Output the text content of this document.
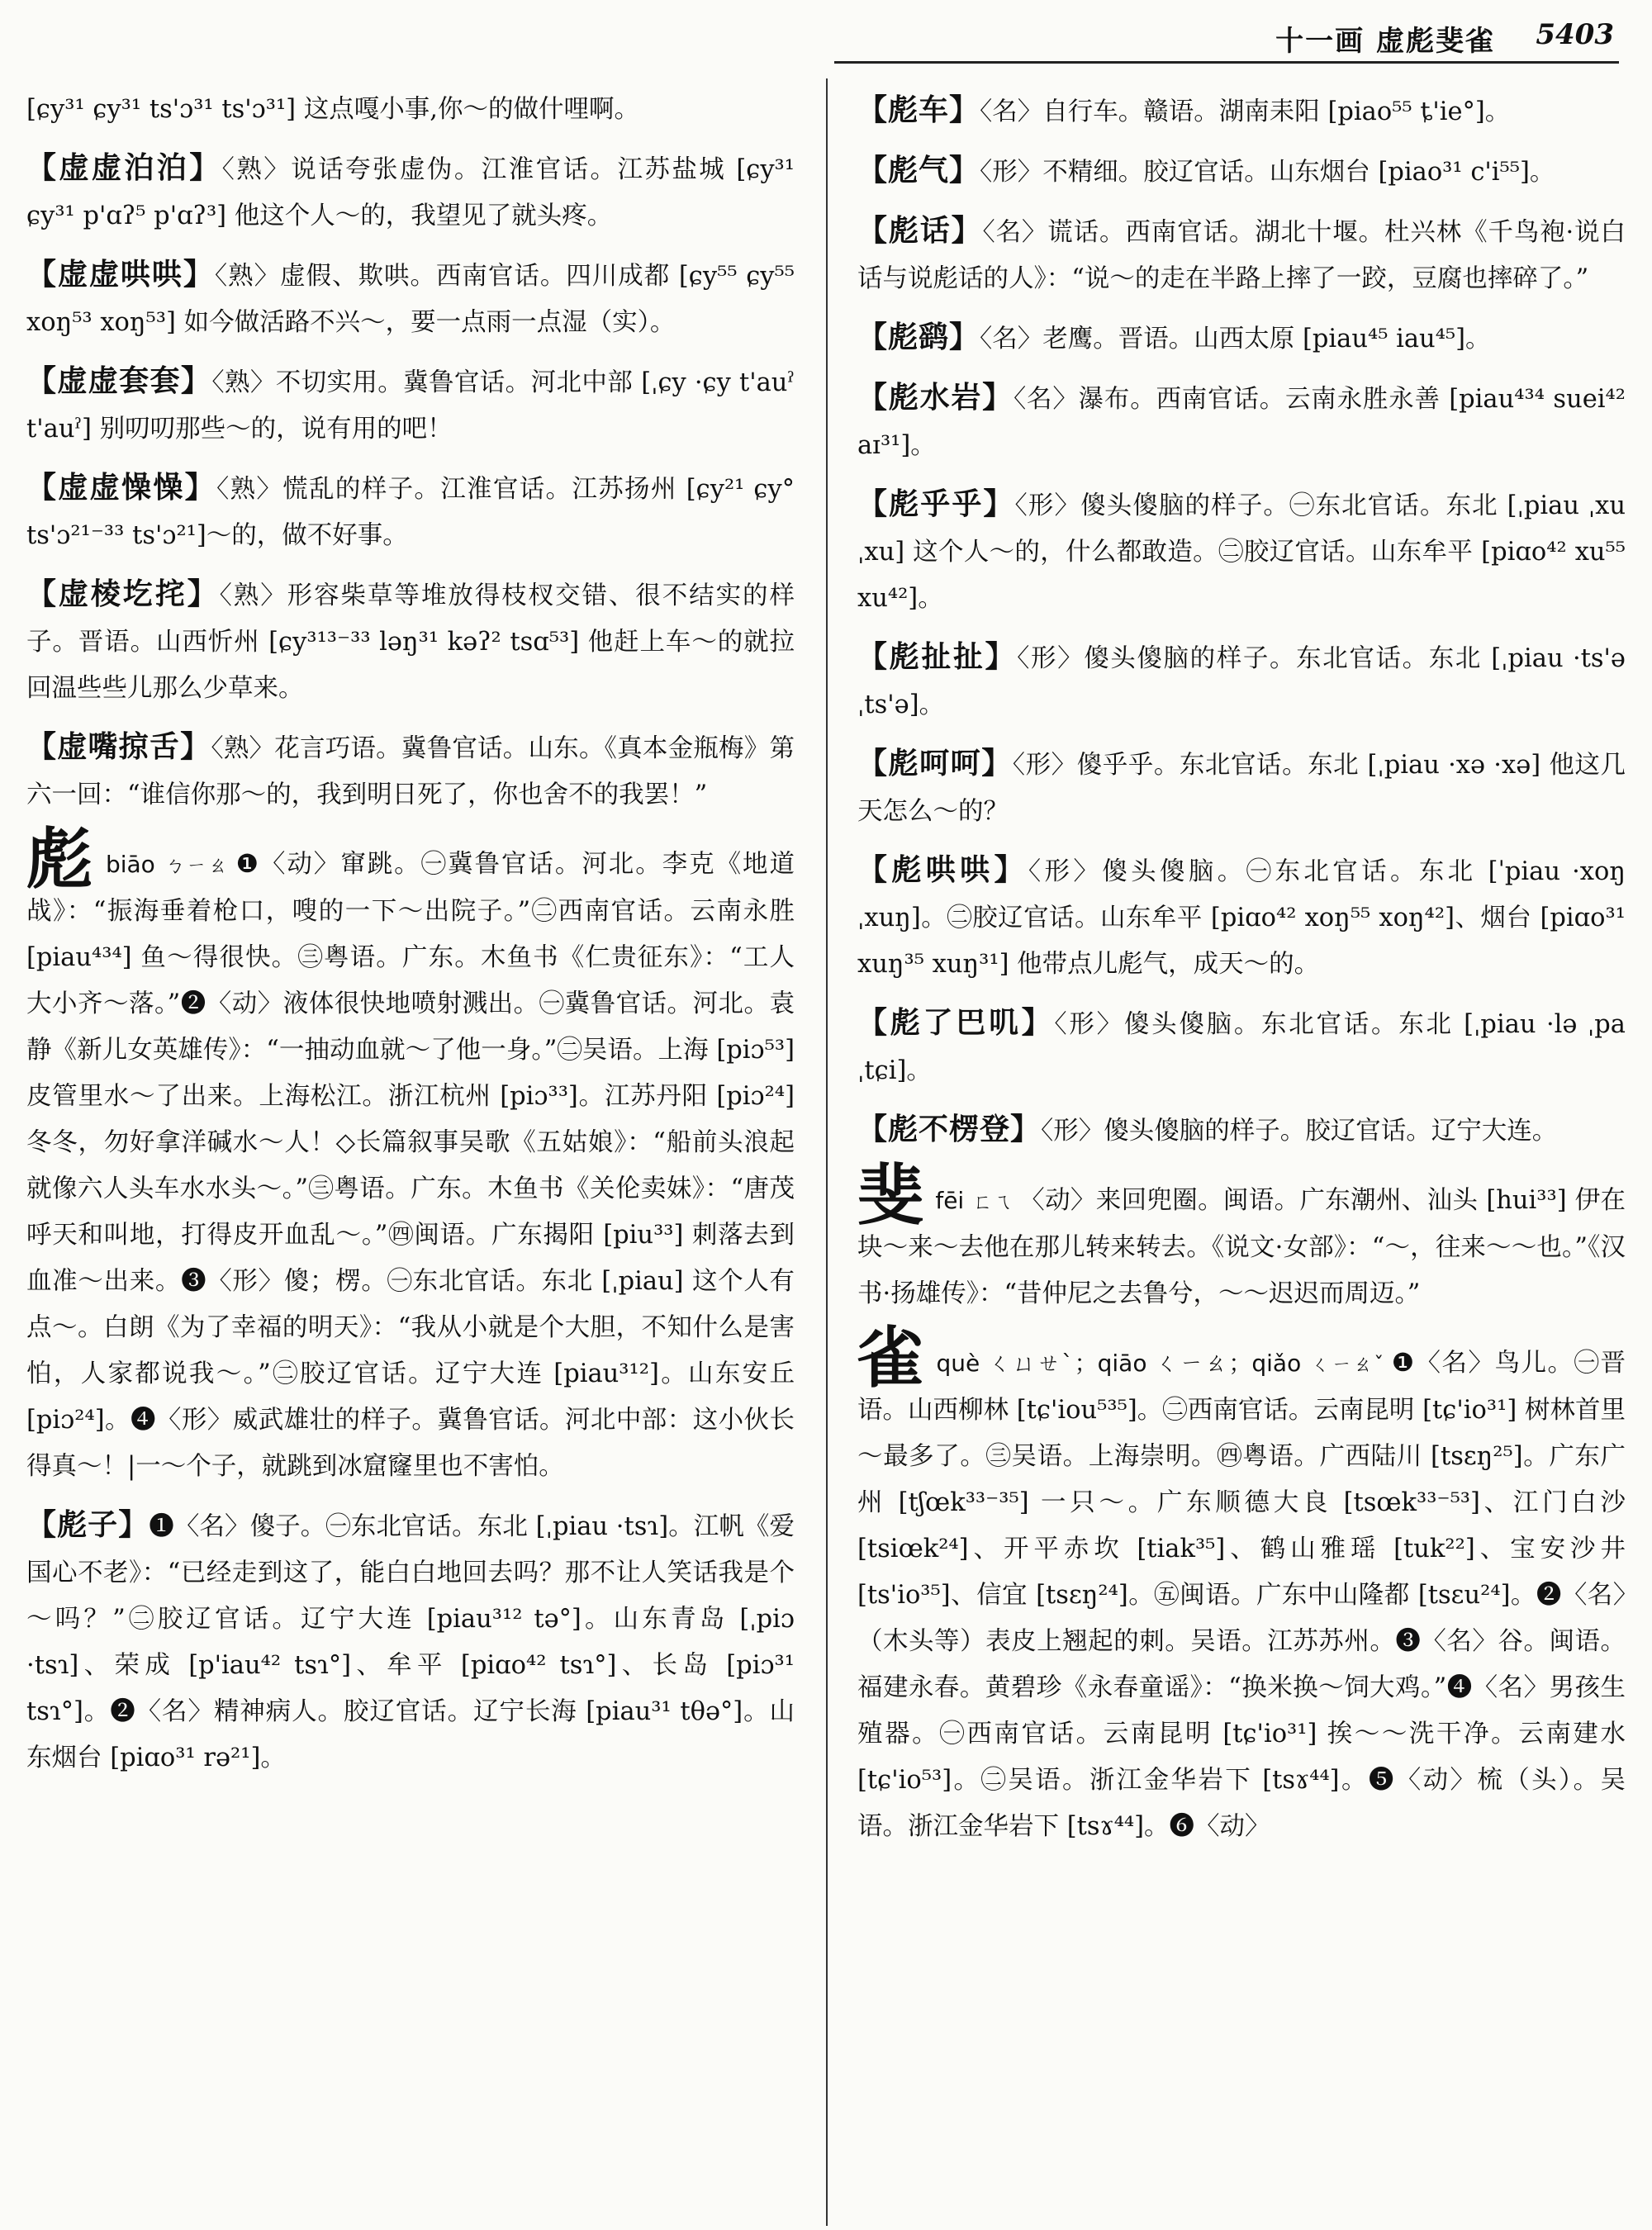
十一画 虚彪斐雀 5403

[ɕy³¹ ɕy³¹ ts'ɔ³¹ ts'ɔ³¹] 这点嘎小事,你～的做什哩啊。

【虚虚泊泊】〈熟〉说话夸张虚伪。江淮官话。江苏盐城 [ɕy³¹ ɕy³¹ p'ɑʔ⁵ p'ɑʔ³] 他这个人～的，我望见了就头疼。

【虚虚哄哄】〈熟〉虚假、欺哄。西南官话。四川成都 [ɕy⁵⁵ ɕy⁵⁵ xoŋ⁵³ xoŋ⁵³] 如今做活路不兴～，要一点雨一点湿（实）。

【虚虚套套】〈熟〉不切实用。冀鲁官话。河北中部 [ˌɕy ·ɕy t'auˀ t'auˀ] 别叨叨那些～的，说有用的吧！

【虚虚懆懆】〈熟〉慌乱的样子。江淮官话。江苏扬州 [ɕy²¹ ɕy° ts'ɔ²¹⁻³³ ts'ɔ²¹]～的，做不好事。

【虚棱圪挓】〈熟〉形容柴草等堆放得枝杈交错、很不结实的样子。晋语。山西忻州 [ɕy³¹³⁻³³ ləŋ³¹ kəʔ² tsɑ⁵³] 他赶上车～的就拉回温些些儿那么少草来。

【虚嘴掠舌】〈熟〉花言巧语。冀鲁官话。山东。《真本金瓶梅》第六一回：“谁信你那～的，我到明日死了，你也舍不的我罢！”

彪biāo ㄅㄧㄠ ❶〈动〉窜跳。㊀冀鲁官话。河北。李克《地道战》：“振海垂着枪口，嗖的一下～出院子。”㊁西南官话。云南永胜 [piau⁴³⁴] 鱼～得很快。㊂粤语。广东。木鱼书《仁贵征东》：“工人大小齐～落。”❷〈动〉液体很快地喷射溅出。㊀冀鲁官话。河北。袁静《新儿女英雄传》：“一抽动血就～了他一身。”㊁吴语。上海 [piɔ⁵³] 皮管里水～了出来。上海松江。浙江杭州 [piɔ³³]。江苏丹阳 [piɔ²⁴] 冬冬，勿好拿洋碱水～人！◇长篇叙事吴歌《五姑娘》：“船前头浪起就像六人头车水水头～。”㊂粤语。广东。木鱼书《关伦卖妹》：“唐茂呼天和叫地，打得皮开血乱～。”㊃闽语。广东揭阳 [piu³³] 刺落去到血准～出来。❸〈形〉傻；楞。㊀东北官话。东北 [ˌpiau] 这个人有点～。白朗《为了幸福的明天》：“我从小就是个大胆，不知什么是害怕，人家都说我～。”㊁胶辽官话。辽宁大连 [piau³¹²]。山东安丘 [piɔ²⁴]。❹〈形〉威武雄壮的样子。冀鲁官话。河北中部：这小伙长得真～！|一～个子，就跳到冰窟窿里也不害怕。

【彪子】❶〈名〉傻子。㊀东北官话。东北 [ˌpiau ·tsɿ]。江帆《爱国心不老》：“已经走到这了，能白白地回去吗？那不让人笑话我是个～吗？”㊁胶辽官话。辽宁大连 [piau³¹² tə°]。山东青岛 [ˌpiɔ ·tsɿ]、荣成 [p'iau⁴² tsɿ°]、牟平 [piɑo⁴² tsɿ°]、长岛 [piɔ³¹ tsɿ°]。❷〈名〉精神病人。胶辽官话。辽宁长海 [piau³¹ tθə°]。山东烟台 [piɑo³¹ rə²¹]。

【彪车】〈名〉自行车。赣语。湖南耒阳 [piao⁵⁵ ȶ'ie°]。

【彪气】〈形〉不精细。胶辽官话。山东烟台 [piao³¹ c'i⁵⁵]。

【彪话】〈名〉谎话。西南官话。湖北十堰。杜兴林《千鸟袍·说白话与说彪话的人》：“说～的走在半路上摔了一跤，豆腐也摔碎了。”

【彪鹞】〈名〉老鹰。晋语。山西太原 [piau⁴⁵ iau⁴⁵]。

【彪水岩】〈名〉瀑布。西南官话。云南永胜永善 [piau⁴³⁴ suei⁴² aɪ³¹]。

【彪乎乎】〈形〉傻头傻脑的样子。㊀东北官话。东北 [ˌpiau ˌxu ˌxu] 这个人～的，什么都敢造。㊁胶辽官话。山东牟平 [piɑo⁴² xu⁵⁵ xu⁴²]。

【彪扯扯】〈形〉傻头傻脑的样子。东北官话。东北 [ˌpiau ·ts'ə ˌts'ə]。

【彪呵呵】〈形〉傻乎乎。东北官话。东北 [ˌpiau ·xə ·xə] 他这几天怎么～的？

【彪哄哄】〈形〉傻头傻脑。㊀东北官话。东北 [ˈpiau ·xoŋ ˌxuŋ]。㊁胶辽官话。山东牟平 [piɑo⁴² xoŋ⁵⁵ xoŋ⁴²]、烟台 [piɑo³¹ xuŋ³⁵ xuŋ³¹] 他带点儿彪气，成天～的。

【彪了巴叽】〈形〉傻头傻脑。东北官话。东北 [ˌpiau ·lə ˌpa ˌtɕi]。

【彪不楞登】〈形〉傻头傻脑的样子。胶辽官话。辽宁大连。

斐fēi ㄈㄟ 〈动〉来回兜圈。闽语。广东潮州、汕头 [hui³³] 伊在块～来～去他在那儿转来转去。《说文·女部》：“～，往来～～也。”《汉书·扬雄传》：“昔仲尼之去鲁兮，～～迟迟而周迈。”

雀què ㄑㄩㄝˋ；qiāo ㄑㄧㄠ；qiǎo ㄑㄧㄠˇ ❶〈名〉鸟儿。㊀晋语。山西柳林 [tɕ'iou⁵³⁵]。㊁西南官话。云南昆明 [tɕ'io³¹] 树林首里～最多了。㊂吴语。上海崇明。㊃粤语。广西陆川 [tsɛŋ²⁵]。广东广州 [tʃœk³³⁻³⁵] 一只～。广东顺德大良 [tsœk³³⁻⁵³]、江门白沙 [tsiœk²⁴]、开平赤坎 [tiak³⁵]、鹤山雅瑶 [tuk²²]、宝安沙井 [ts'io³⁵]、信宜 [tsɛŋ²⁴]。㊄闽语。广东中山隆都 [tsɛu²⁴]。❷〈名〉（木头等）表皮上翘起的刺。吴语。江苏苏州。❸〈名〉谷。闽语。福建永春。黄碧珍《永春童谣》：“换米换～饲大鸡。”❹〈名〉男孩生殖器。㊀西南官话。云南昆明 [tɕ'io³¹] 挨～～洗干净。云南建水 [tɕ'io⁵³]。㊁吴语。浙江金华岩下 [tsɤ⁴⁴]。❺〈动〉梳（头）。吴语。浙江金华岩下 [tsɤ⁴⁴]。❻〈动〉
